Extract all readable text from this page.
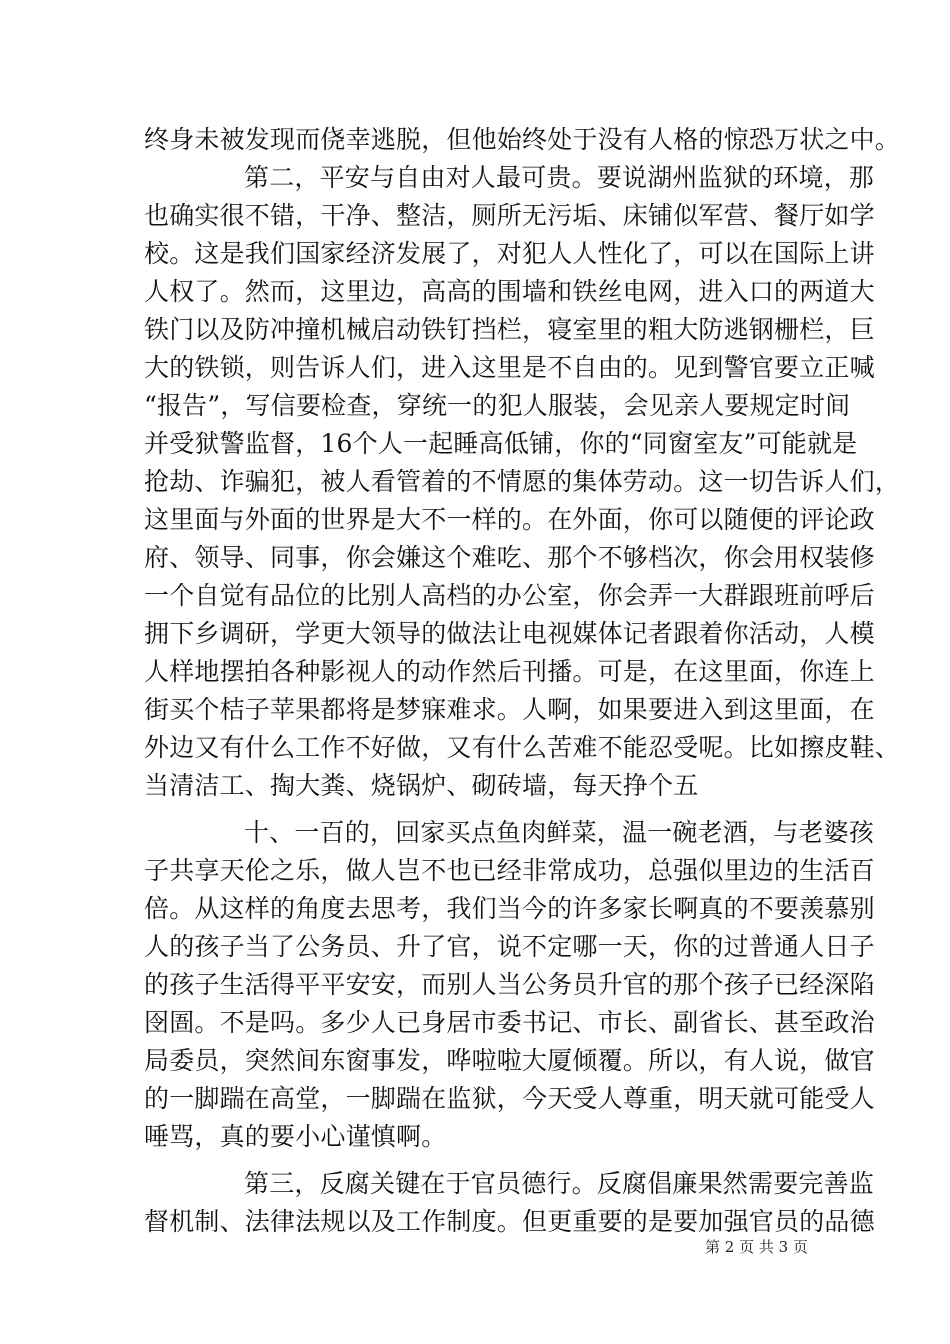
终身未被发现而侥幸逃脱，但他始终处于没有人格的惊恐万状之中。
第二，平安与自由对人最可贵。要说湖州监狱的环境，那
也确实很不错，干净、整洁，厕所无污垢、床铺似军营、餐厅如学
校。这是我们国家经济发展了，对犯人人性化了，可以在国际上讲
人权了。然而，这里边，高高的围墙和铁丝电网，进入口的两道大
铁门以及防冲撞机械启动铁钉挡栏，寝室里的粗大防逃钢栅栏，巨
大的铁锁，则告诉人们，进入这里是不自由的。见到警官要立正喊
“报告”，写信要检查，穿统一的犯人服装，会见亲人要规定时间
并受狱警监督，16个人一起睡高低铺，你的“同窗室友”可能就是
抢劫、诈骗犯，被人看管着的不情愿的集体劳动。这一切告诉人们，
这里面与外面的世界是大不一样的。在外面，你可以随便的评论政
府、领导、同事，你会嫌这个难吃、那个不够档次，你会用权装修
一个自觉有品位的比别人高档的办公室，你会弄一大群跟班前呼后
拥下乡调研，学更大领导的做法让电视媒体记者跟着你活动，人模
人样地摆拍各种影视人的动作然后刊播。可是，在这里面，你连上
街买个桔子苹果都将是梦寐难求。人啊，如果要进入到这里面，在
外边又有什么工作不好做，又有什么苦难不能忍受呢。比如擦皮鞋、
当清洁工、掏大粪、烧锅炉、砌砖墙，每天挣个五
十、一百的，回家买点鱼肉鲜菜，温一碗老酒，与老婆孩
子共享天伦之乐，做人岂不也已经非常成功，总强似里边的生活百
倍。从这样的角度去思考，我们当今的许多家长啊真的不要羡慕别
人的孩子当了公务员、升了官，说不定哪一天，你的过普通人日子
的孩子生活得平平安安，而别人当公务员升官的那个孩子已经深陷
囹圄。不是吗。多少人已身居市委书记、市长、副省长、甚至政治
局委员，突然间东窗事发，哗啦啦大厦倾覆。所以，有人说，做官
的一脚踹在高堂，一脚踹在监狱，今天受人尊重，明天就可能受人
唾骂，真的要小心谨慎啊。
第三，反腐关键在于官员德行。反腐倡廉果然需要完善监
督机制、法律法规以及工作制度。但更重要的是要加强官员的品德
第 2 页 共 3 页
